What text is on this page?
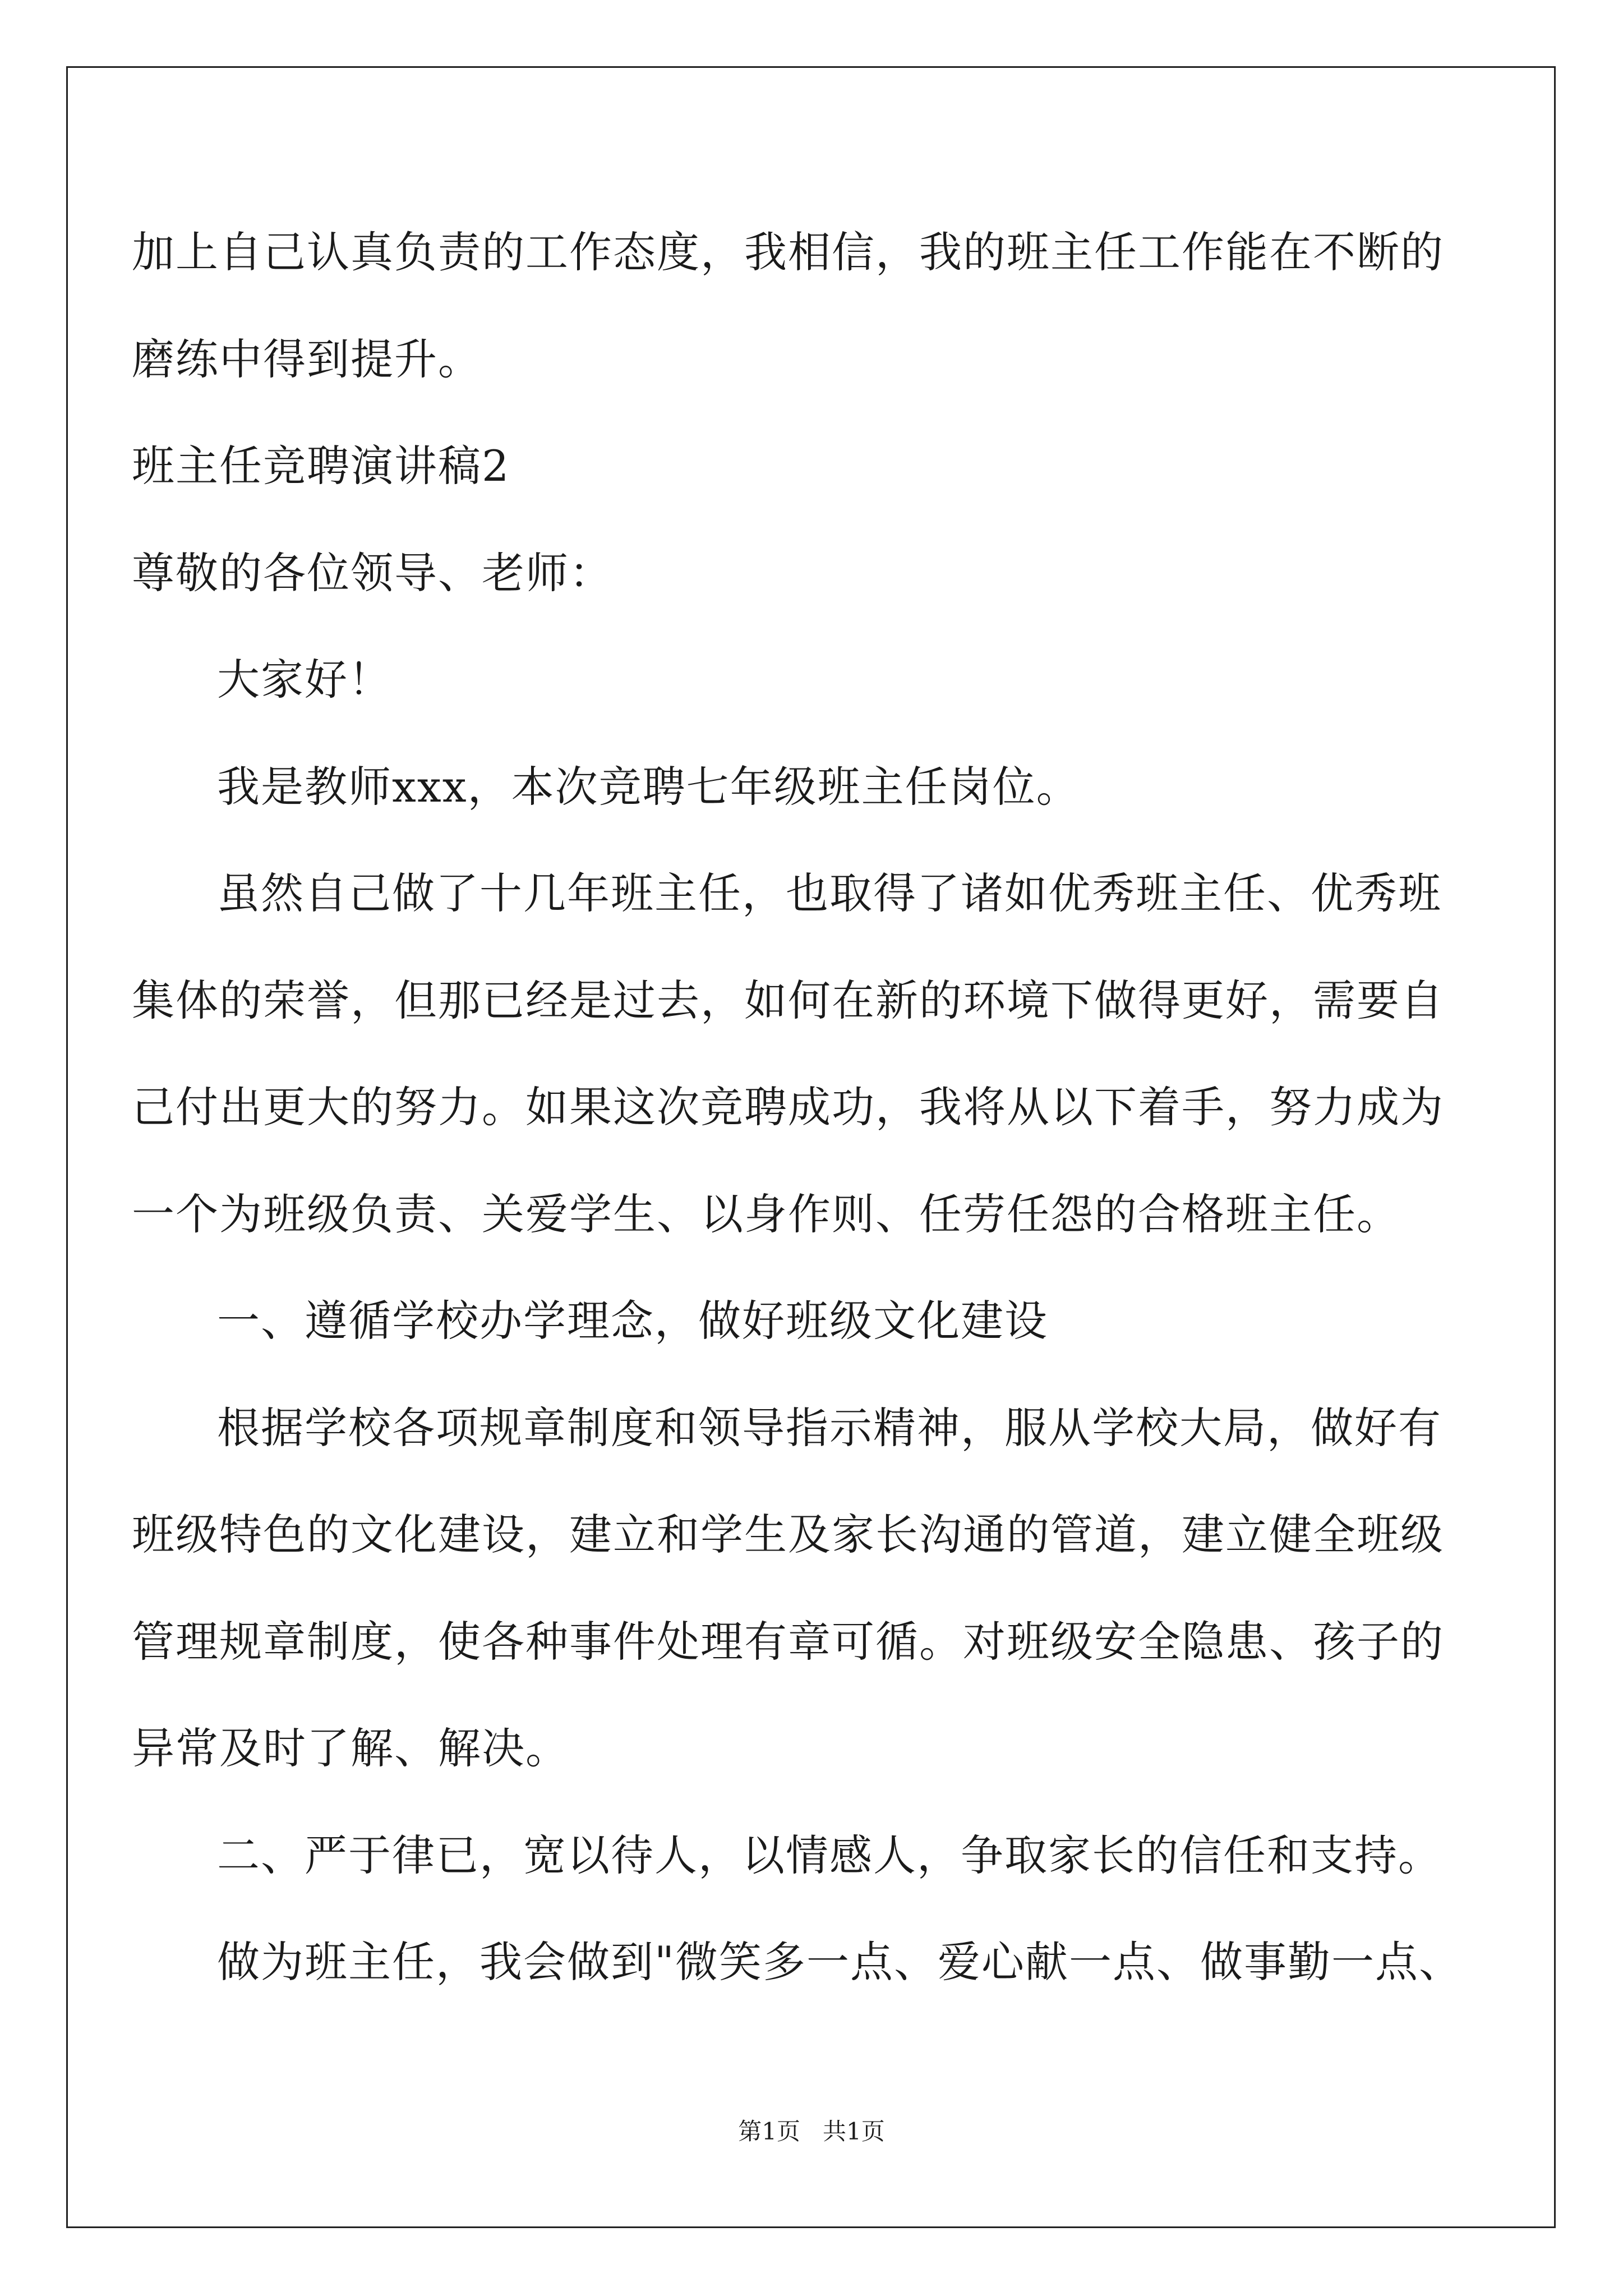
加上自己认真负责的工作态度，我相信，我的班主任工作能在不断的
磨练中得到提升。
班主任竞聘演讲稿2
尊敬的各位领导、老师：
大家好！
我是教师xxx，本次竞聘七年级班主任岗位。
虽然自己做了十几年班主任，也取得了诸如优秀班主任、优秀班
集体的荣誉，但那已经是过去，如何在新的环境下做得更好，需要自
己付出更大的努力。如果这次竞聘成功，我将从以下着手，努力成为
一个为班级负责、关爱学生、以身作则、任劳任怨的合格班主任。
一、遵循学校办学理念，做好班级文化建设
根据学校各项规章制度和领导指示精神，服从学校大局，做好有
班级特色的文化建设，建立和学生及家长沟通的管道，建立健全班级
管理规章制度，使各种事件处理有章可循。对班级安全隐患、孩子的
异常及时了解、解决。
二、严于律已，宽以待人，以情感人，争取家长的信任和支持。
做为班主任，我会做到"微笑多一点、爱心献一点、做事勤一点、
第1页   共1页
